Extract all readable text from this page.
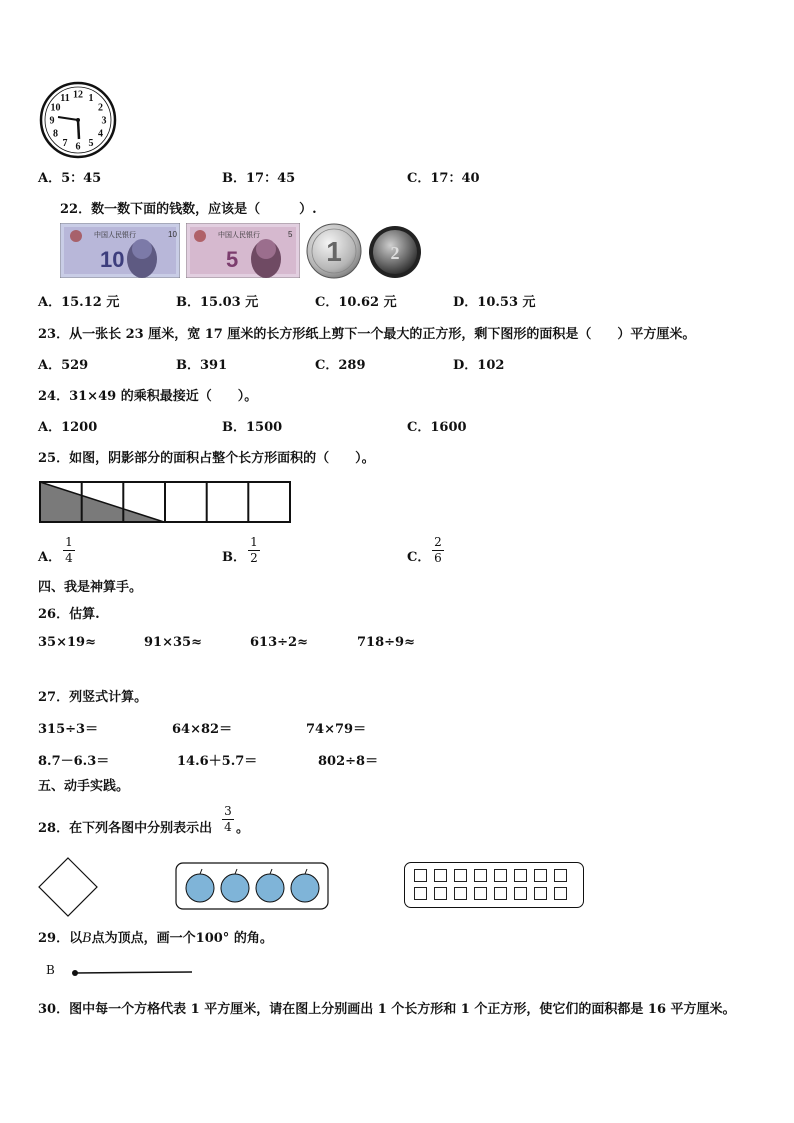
12 1
2
3
4
5
6
7
8
9
10
11
A．5：45	B．17：45	C．17：40
22．数一数下面的钱数，应该是（　　　）.
中国人民银行
10
10	中国人民银行
5
5
1	2
A．15.12 元	B．15.03 元	C．10.62 元	D．10.53 元
23．从一张长 23 厘米，宽 17 厘米的长方形纸上剪下一个最大的正方形，剩下图形的面积是（　　）平方厘米。
A．529	B．391	C．289	D．102
24．31×49 的乘积最接近（　　）。
A．1200	B．1500	C．1600
25．如图，阴影部分的面积占整个长方形面积的（　　）。
A．
1
4	B．
1
2	C．
2
6
四、我是神算手。
26．估算.
35×19≈	91×35≈	613÷2≈	718÷9≈
27．列竖式计算。
315÷3＝	64×82＝	74×79＝
8.7－6.3＝	14.6＋5.7＝	802÷8＝
五、动手实践。
28．在下列各图中分别表示出
3
4 。
29．以B点为顶点，画一个100° 的角。
B
30．图中每一个方格代表 1 平方厘米，请在图上分别画出 1 个长方形和 1 个正方形，使它们的面积都是 16 平方厘米。
